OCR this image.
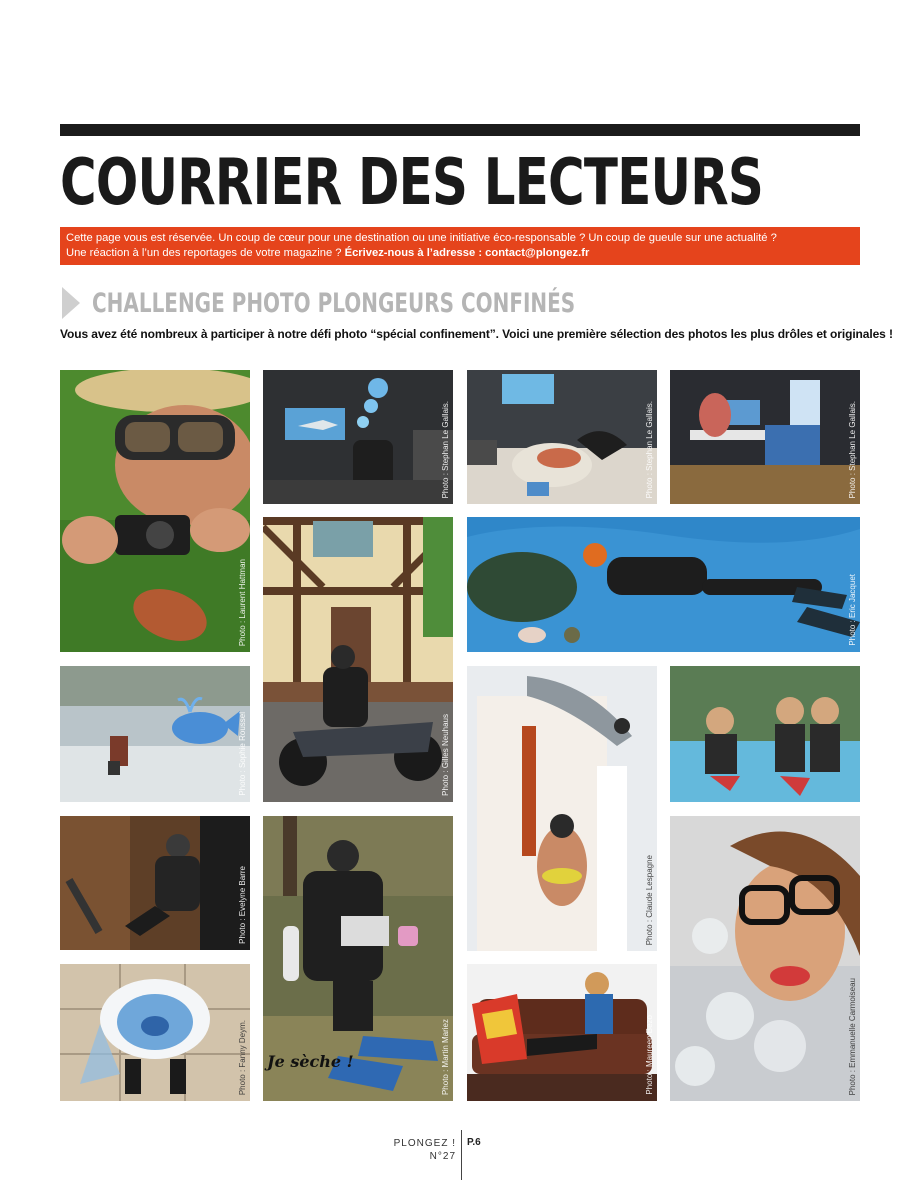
COURRIER DES LECTEURS
Cette page vous est réservée. Un coup de cœur pour une destination ou une initiative éco-responsable ? Un coup de gueule sur une actualité ?
Une réaction à l’un des reportages de votre magazine ? Écrivez-nous à l’adresse : contact@plongez.fr
CHALLENGE PHOTO PLONGEURS CONFINÉS
Vous avez été nombreux à participer à notre défi photo “spécial confinement”. Voici une première sélection des photos les plus drôles et originales !
Photo : Laurent Hattman
Photo : Stephan Le Gallais.	Photo : Stephan Le Gallais.	Photo : Stephan Le Gallais.
Photo : Eric Jacquet
Photo : Gilles Neuhaus
Photo : Sophie Roussel
Photo : Claude Lespagne
Photo : Evelyne Barre
Je sèche !	Photo : Martin Mariez	Photo : Emmanuelle Carmoiseau
Photo : Fanny Deym.	Photo : Maureen Bezo
PLONGEZ !
N°27
P.6
